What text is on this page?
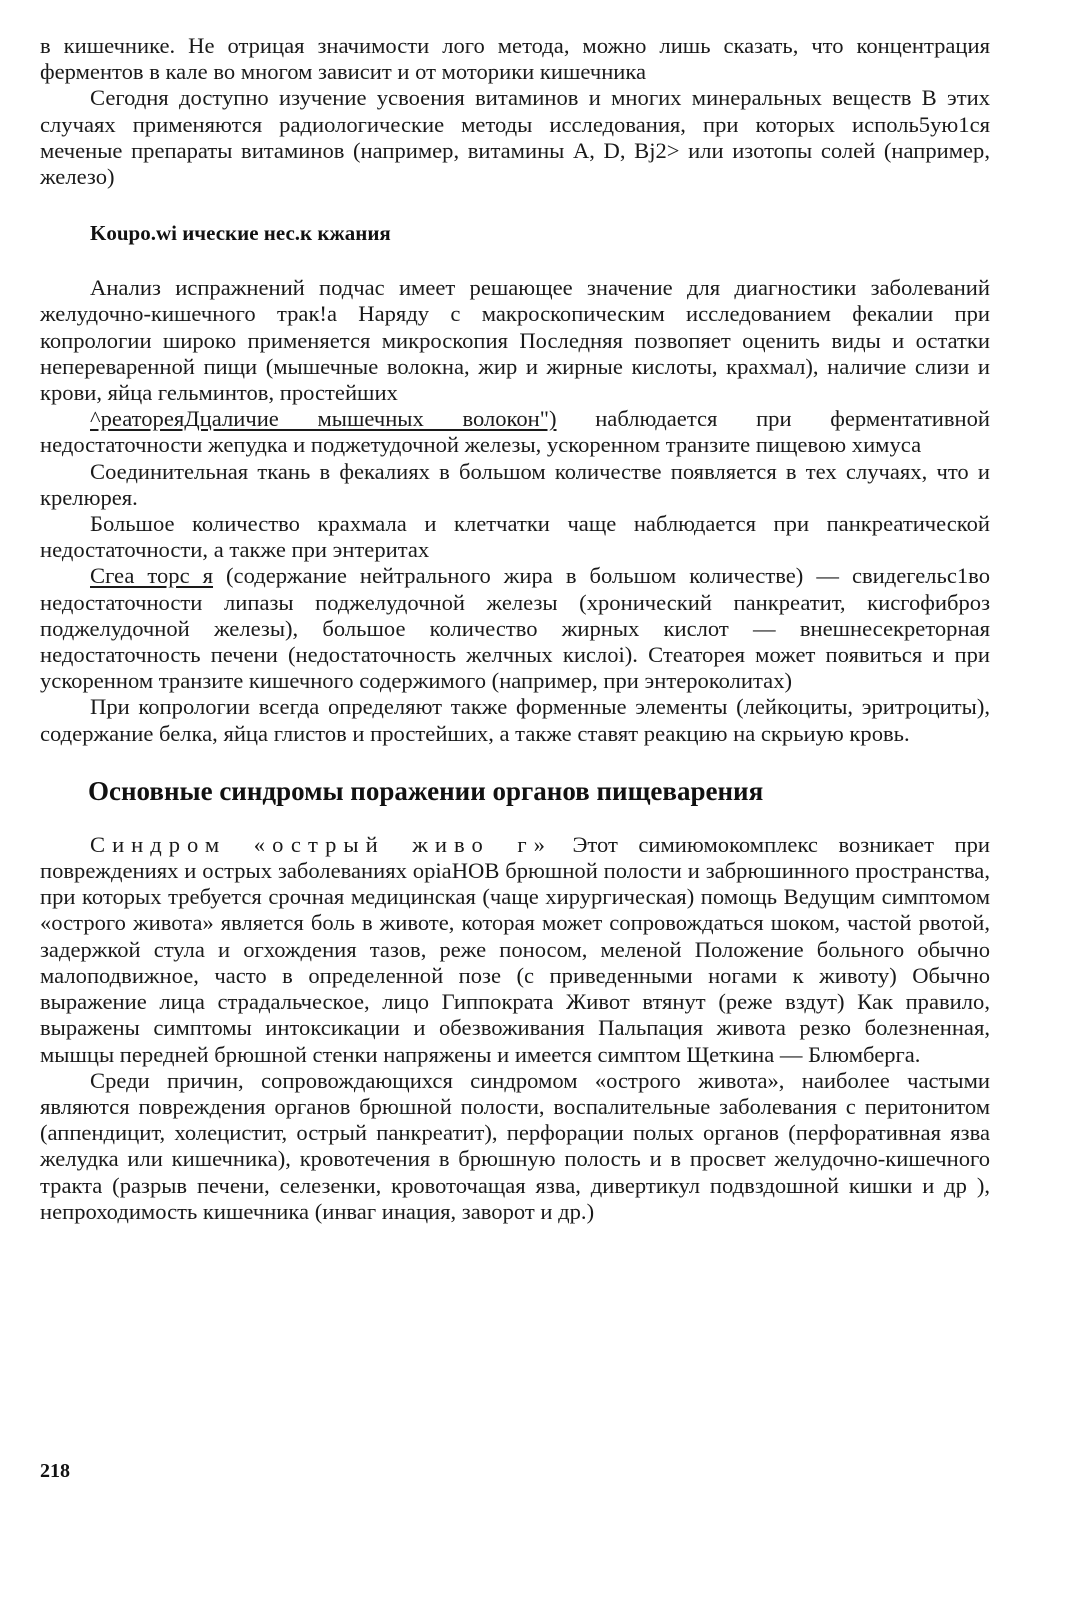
в кишечнике. Не отрицая значимости лого метода, можно лишь сказать, что концентрация ферментов в кале во многом зависит и от моторики кишечника

Сегодня доступно изучение усвоения витаминов и многих минеральных веществ В этих случаях применяются радиологические методы исследования, при которых исполь5ую1ся меченые препараты витаминов (например, витамины А, D, Bj2> или изотопы солей (например, железо)

Koupo.wi ические нес.к кжания

Анализ испражнений подчас имеет решающее значение для диагностики заболеваний желудочно-кишечного трак!а Наряду с макроскопическим исследованием фекалии при копрологии широко применяется микроскопия Последняя позвопяет оценить виды и остатки непереваренной пищи (мышечные волокна, жир и жирные кислоты, крахмал), наличие слизи и крови, яйца гельминтов, простейших

^реатореяДцаличие мышечных волокон") наблюдается при ферментативной недостаточности жепудка и поджетудочной железы, ускоренном транзите пищевою химуса

Соединительная ткань в фекалиях в большом количестве появляется в тех случаях, что и крелюрея.

Большое количество крахмала и клетчатки чаще наблюдается при панкреатической недостаточности, а также при энтеритах

Сгеа торс я (содержание нейтрального жира в большом количестве) — свидегельс1во недостаточности липазы поджелудочной железы (хронический панкреатит, кисгофиброз поджелудочной железы), большое количество жирных кислот — внешнесекреторная недостаточность печени (недостаточность желчных кислоi). Стеаторея может появиться и при ускоренном транзите кишечного содержимого (например, при энтероколитах)

При копрологии всегда определяют также форменные элементы (лейкоциты, эритроциты), содержание белка, яйца глистов и простейших, а также ставят реакцию на скрьиую кровь.

Основные синдромы поражении органов пищеварения

Синдром «острый живо г» Этот симиюмокомплекс возникает при повреждениях и острых заболеваниях opiaНОВ брюшной полости и забрюшинного пространства, при которых требуется срочная медицинская (чаще хирургическая) помощь Ведущим симптомом «острого живота» является боль в животе, которая может сопровождаться шоком, частой рвотой, задержкой стула и огхождения тазов, реже поносом, меленой Положение больного обычно малоподвижное, часто в определенной позе (с приведенными ногами к животу) Обычно выражение лица страдальческое, лицо Гиппократа Живот втянут (реже вздут) Как правило, выражены симптомы интоксикации и обезвоживания Пальпация живота резко болезненная, мышцы передней брюшной стенки напряжены и имеется симптом Щеткина — Блюмберга.

Среди причин, сопровождающихся синдромом «острого живота», наиболее частыми являются повреждения органов брюшной полости, воспалительные заболевания с перитонитом (аппендицит, холецистит, острый панкреатит), перфорации полых органов (перфоративная язва желудка или кишечника), кровотечения в брюшную полость и в просвет желудочно-кишечного тракта (разрыв печени, селезенки, кровоточащая язва, дивертикул подвздошной кишки и др ), непроходимость кишечника (инваг инация, заворот и др.)

218
